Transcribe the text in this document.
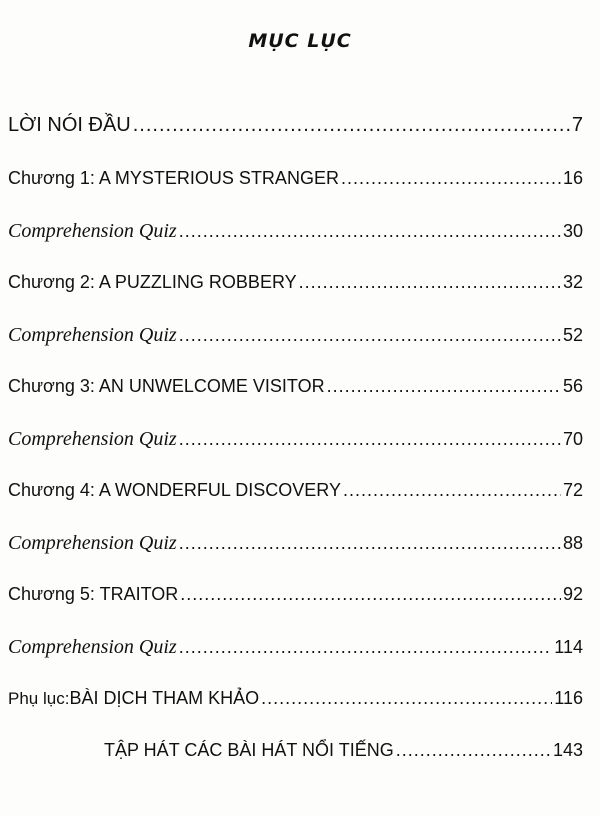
MỤC LỤC
LỜI NÓI ĐẦU .....	7
Chương 1: A MYSTERIOUS STRANGER .....	16
Comprehension Quiz .....	30
Chương 2: A PUZZLING ROBBERY .....	32
Comprehension Quiz .....	52
Chương 3: AN UNWELCOME VISITOR .....	56
Comprehension Quiz .....	70
Chương 4: A WONDERFUL DISCOVERY .....	72
Comprehension Quiz .....	88
Chương 5: TRAITOR .....	92
Comprehension Quiz .....	114
Phụ lục: BÀI DỊCH THAM KHẢO .....	116
TẬP HÁT CÁC BÀI HÁT NỔI TIẾNG .....	143
